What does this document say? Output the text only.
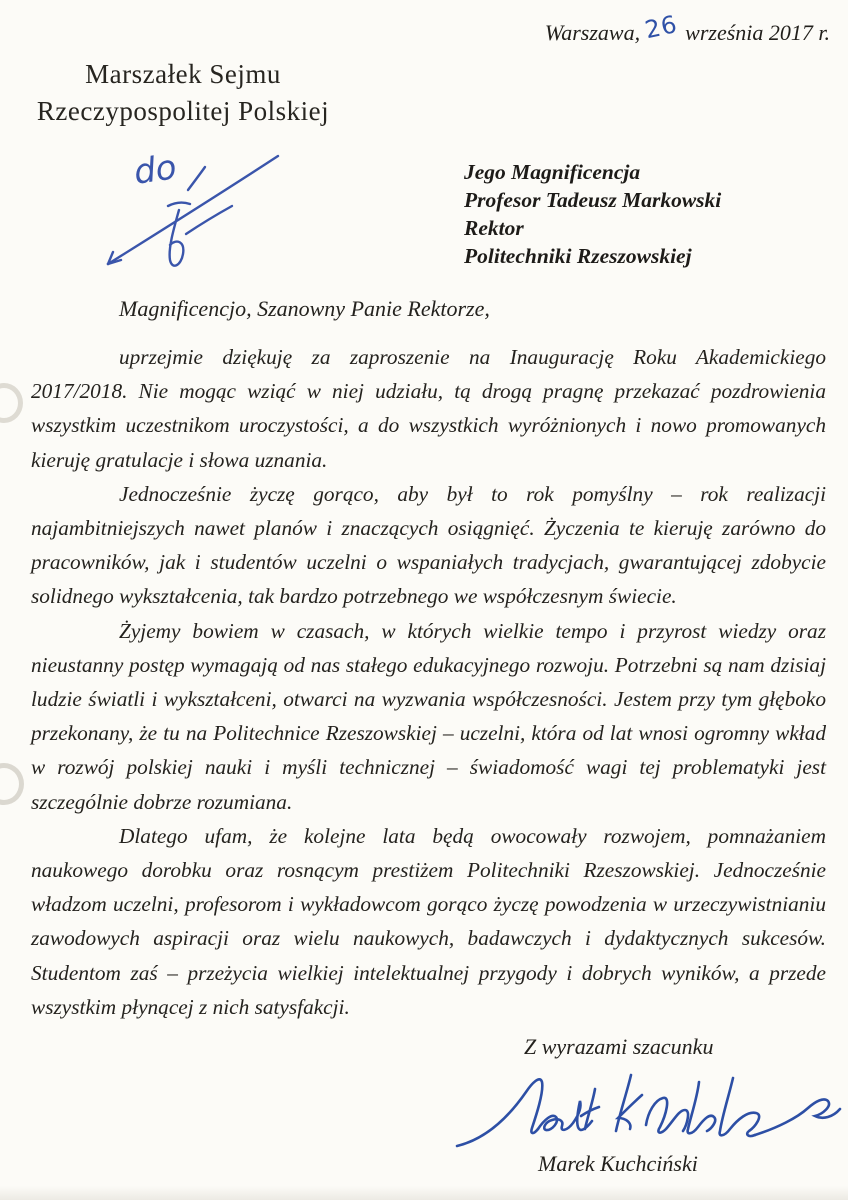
Warszawa, 26 września 2017 r.
Marszałek Sejmu
Rzeczypospolitej Polskiej
do	Jego Magnificencja
Profesor Tadeusz Markowski
Rektor
Politechniki Rzeszowskiej
Magnificencjo, Szanowny Panie Rektorze,

uprzejmie dziękuję za zaproszenie na Inaugurację Roku Akademickiego 2017/2018. Nie mogąc wziąć w niej udziału, tą drogą pragnę przekazać pozdrowienia wszystkim uczestnikom uroczystości, a do wszystkich wyróżnionych i nowo promowanych kieruję gratulacje i słowa uznania.

Jednocześnie życzę gorąco, aby był to rok pomyślny – rok realizacji najambitniejszych nawet planów i znaczących osiągnięć. Życzenia te kieruję zarówno do pracowników, jak i studentów uczelni o wspaniałych tradycjach, gwarantującej zdobycie solidnego wykształcenia, tak bardzo potrzebnego we współczesnym świecie.

Żyjemy bowiem w czasach, w których wielkie tempo i przyrost wiedzy oraz nieustanny postęp wymagają od nas stałego edukacyjnego rozwoju. Potrzebni są nam dzisiaj ludzie światli i wykształceni, otwarci na wyzwania współczesności. Jestem przy tym głęboko przekonany, że tu na Politechnice Rzeszowskiej – uczelni, która od lat wnosi ogromny wkład w rozwój polskiej nauki i myśli technicznej – świadomość wagi tej problematyki jest szczególnie dobrze rozumiana.

Dlatego ufam, że kolejne lata będą owocowały rozwojem, pomnażaniem naukowego dorobku oraz rosnącym prestiżem Politechniki Rzeszowskiej. Jednocześnie władzom uczelni, profesorom i wykładowcom gorąco życzę powodzenia w urzeczywistnianiu zawodowych aspiracji oraz wielu naukowych, badawczych i dydaktycznych sukcesów. Studentom zaś – przeżycia wielkiej intelektualnej przygody i dobrych wyników, a przede wszystkim płynącej z nich satysfakcji.

Z wyrazami szacunku
Marek Kuchciński
